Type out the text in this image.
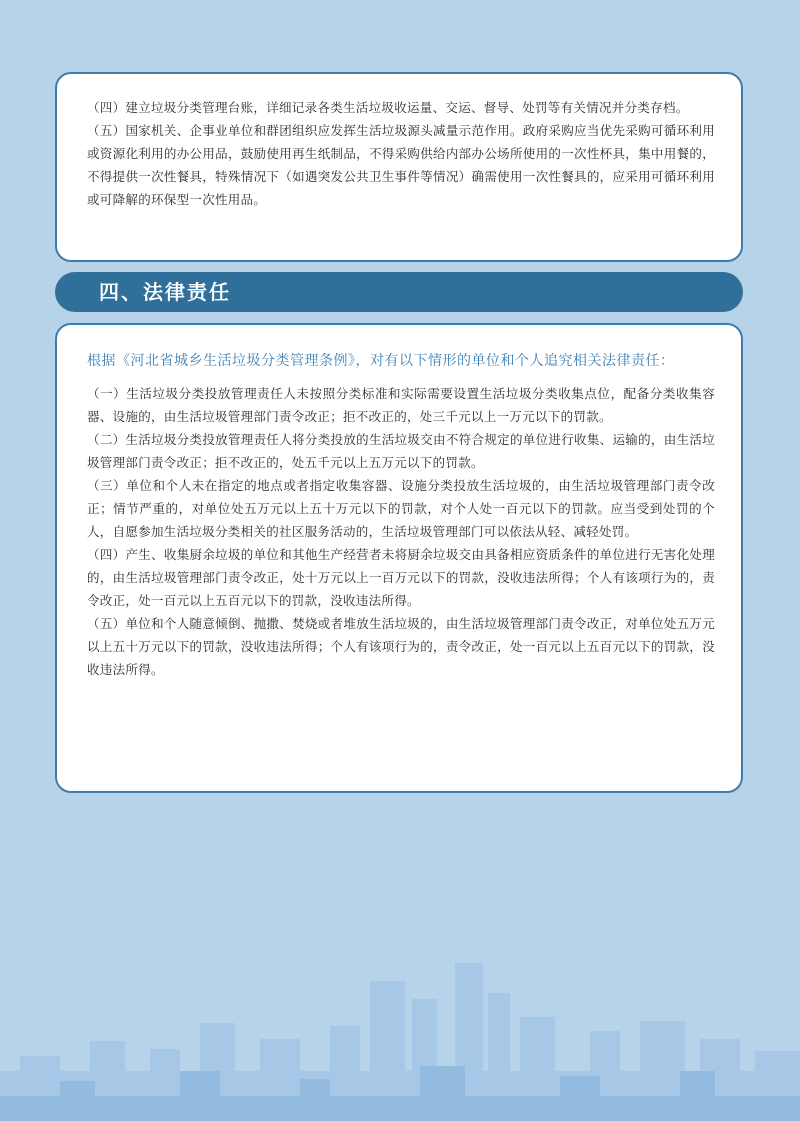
（四）建立垃圾分类管理台账，详细记录各类生活垃圾收运量、交运、督导、处罚等有关情况并分类存档。

（五）国家机关、企事业单位和群团组织应发挥生活垃圾源头减量示范作用。政府采购应当优先采购可循环利用或资源化利用的办公用品，鼓励使用再生纸制品，不得采购供给内部办公场所使用的一次性杯具，集中用餐的，不得提供一次性餐具，特殊情况下（如遇突发公共卫生事件等情况）确需使用一次性餐具的，应采用可循环利用或可降解的环保型一次性用品。

四、法律责任

根据《河北省城乡生活垃圾分类管理条例》，对有以下情形的单位和个人追究相关法律责任：

（一）生活垃圾分类投放管理责任人未按照分类标准和实际需要设置生活垃圾分类收集点位，配备分类收集容器、设施的，由生活垃圾管理部门责令改正；拒不改正的，处三千元以上一万元以下的罚款。

（二）生活垃圾分类投放管理责任人将分类投放的生活垃圾交由不符合规定的单位进行收集、运输的，由生活垃圾管理部门责令改正；拒不改正的，处五千元以上五万元以下的罚款。

（三）单位和个人未在指定的地点或者指定收集容器、设施分类投放生活垃圾的，由生活垃圾管理部门责令改正；情节严重的，对单位处五万元以上五十万元以下的罚款，对个人处一百元以下的罚款。应当受到处罚的个人，自愿参加生活垃圾分类相关的社区服务活动的，生活垃圾管理部门可以依法从轻、减轻处罚。

（四）产生、收集厨余垃圾的单位和其他生产经营者未将厨余垃圾交由具备相应资质条件的单位进行无害化处理的，由生活垃圾管理部门责令改正，处十万元以上一百万元以下的罚款，没收违法所得；个人有该项行为的，责令改正，处一百元以上五百元以下的罚款，没收违法所得。

（五）单位和个人随意倾倒、抛撒、焚烧或者堆放生活垃圾的，由生活垃圾管理部门责令改正，对单位处五万元以上五十万元以下的罚款，没收违法所得；个人有该项行为的，责令改正，处一百元以上五百元以下的罚款，没收违法所得。
